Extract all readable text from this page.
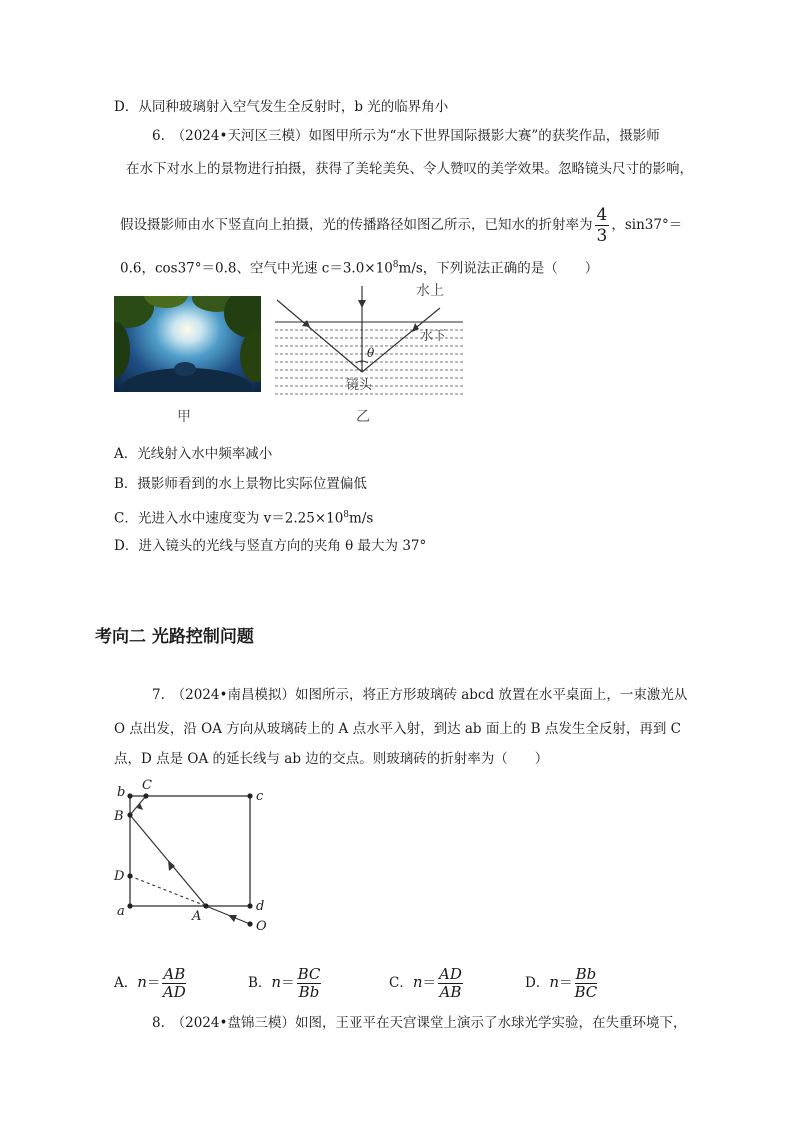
D．从同种玻璃射入空气发生全反射时，b 光的临界角小
6.　（2024•天河区三模）如图甲所示为“水下世界国际摄影大赛”的获奖作品，摄影师
在水下对水上的景物进行拍摄，获得了美轮美奂、令人赞叹的美学效果。忽略镜头尺寸的影响，
假设摄影师由水下竖直向上拍摄，光的传播路径如图乙所示，已知水的折射率为 $\frac{4}{3}$ ，sin37°＝
0.6，cos37°＝0.8、空气中光速 $c=3.0\times 10^8m/s$，下列说法正确的是（　　）
甲
θ
水上
水下
镜头
乙
A．光线射入水中频率减小
B．摄影师看到的水上景物比实际位置偏低
C．光进入水中速度变为 $v=2.25\times 10^8m/s$
D．进入镜头的光线与竖直方向的夹角 θ 最大为 37°
考向二 光路控制问题
7.　（2024•南昌模拟）如图所示，将正方形玻璃砖 abcd 放置在水平桌面上，一束激光从
O 点出发，沿 OA 方向从玻璃砖上的 A 点水平入射，到达 ab 面上的 B 点发生全反射，再到 C
点，D 点是 OA 的延长线与 ab 边的交点。则玻璃砖的折射率为（　　）
b C
c
B
D
a	A
d
O
A．$n= \frac{AB}{AD}$	B．$n= \frac{BC}{Bb}$	C．$n= \frac{AD}{AB}$	D．$n= \frac{Bb}{BC}$
8.　（2024•盘锦三模）如图，王亚平在天宫课堂上演示了水球光学实验，在失重环境下，
